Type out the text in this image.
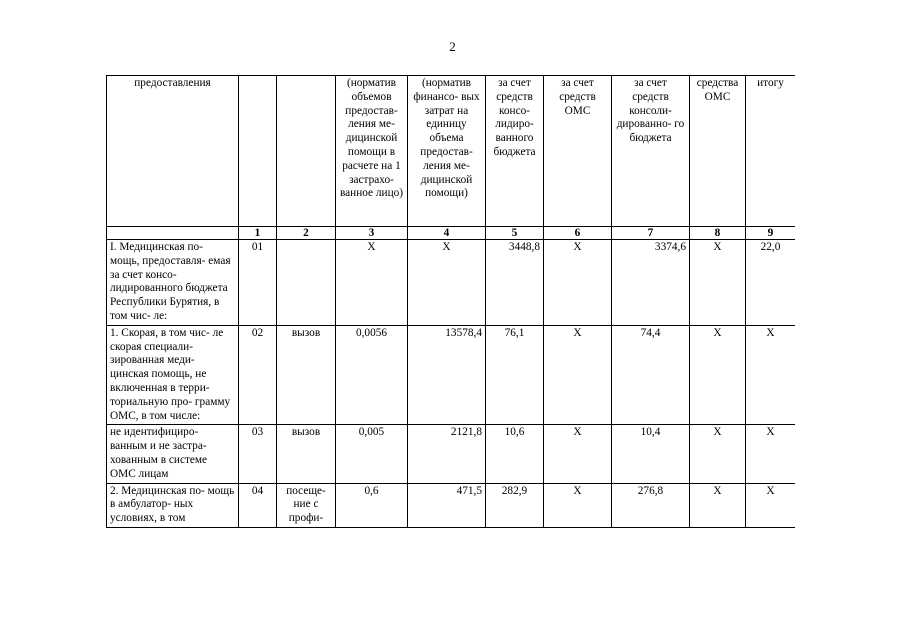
2
предоставления			(норматив объемов предостав- ления ме- дицинской помощи в расчете на 1 застрахо- ванное лицо)	(норматив финансо- вых затрат на единицу объема предостав- ления ме- дицинской помощи)	за счет средств консо- лидиро- ванного бюджета	за счет средств ОМС	за счет средств консоли- дированно- го бюджета	средства ОМС	итогу
	1	2	3	4	5	6	7	8	9
I. Медицинская по- мощь, предоставля- емая за счет консо- лидированного бюджета Республики Бурятия, в том чис- ле:	01		Х	Х	3448,8	Х	3374,6	Х	22,0
1. Скорая, в том чис- ле скорая специали- зированная меди- цинская помощь, не включенная в терри- ториальную про- грамму ОМС, в том числе:	02	вызов	0,0056	13578,4	76,1	Х	74,4	Х	Х
не идентифициро- ванным и не застра- хованным в системе ОМС лицам	03	вызов	0,005	2121,8	10,6	Х	10,4	Х	Х
2. Медицинская по- мощь в амбулатор- ных условиях, в том	04	посеще- ние с профи-	0,6	471,5	282,9	Х	276,8	Х	Х
